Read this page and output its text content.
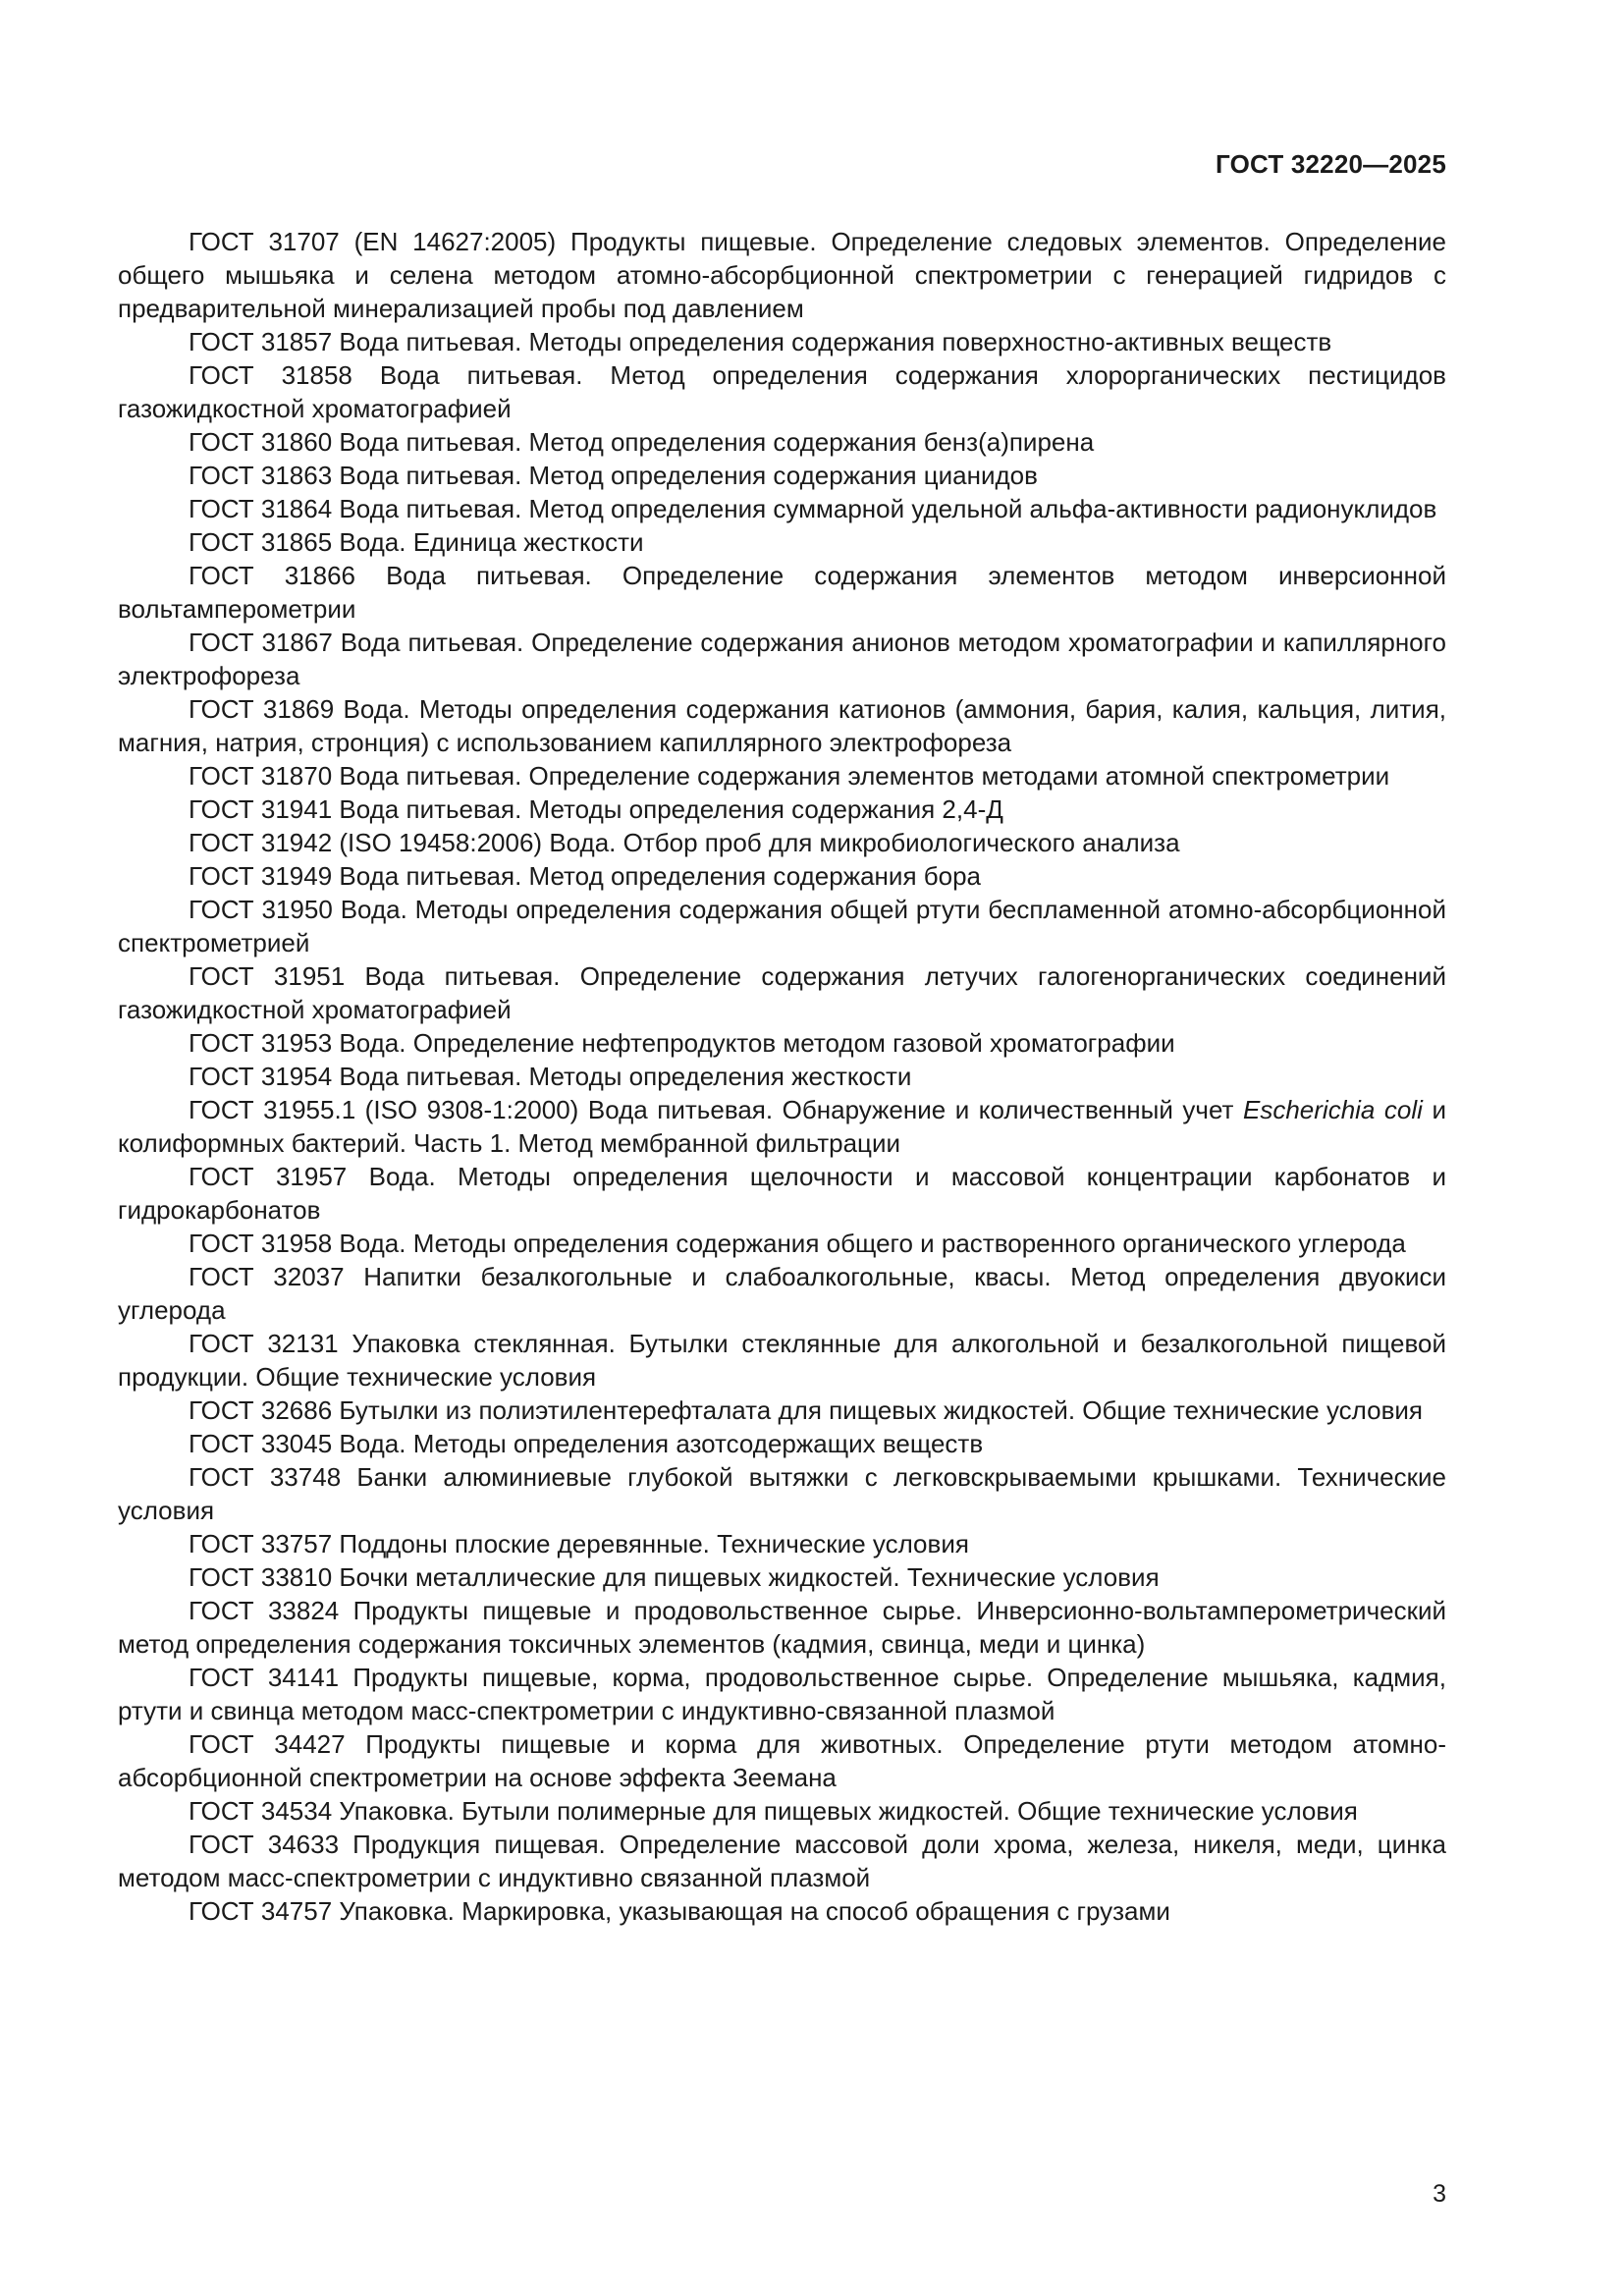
ГОСТ 32220—2025

ГОСТ 31707 (EN 14627:2005) Продукты пищевые. Определение следовых элементов. Определение общего мышьяка и селена методом атомно-абсорбционной спектрометрии с генерацией гидридов с предварительной минерализацией пробы под давлением

ГОСТ 31857 Вода питьевая. Методы определения содержания поверхностно-активных веществ

ГОСТ 31858 Вода питьевая. Метод определения содержания хлорорганических пестицидов газожидкостной хроматографией

ГОСТ 31860 Вода питьевая. Метод определения содержания бенз(а)пирена

ГОСТ 31863 Вода питьевая. Метод определения содержания цианидов

ГОСТ 31864 Вода питьевая. Метод определения суммарной удельной альфа-активности радионуклидов

ГОСТ 31865 Вода. Единица жесткости

ГОСТ 31866 Вода питьевая. Определение содержания элементов методом инверсионной вольтамперометрии

ГОСТ 31867 Вода питьевая. Определение содержания анионов методом хроматографии и капиллярного электрофореза

ГОСТ 31869 Вода. Методы определения содержания катионов (аммония, бария, калия, кальция, лития, магния, натрия, стронция) с использованием капиллярного электрофореза

ГОСТ 31870 Вода питьевая. Определение содержания элементов методами атомной спектрометрии

ГОСТ 31941 Вода питьевая. Методы определения содержания 2,4-Д

ГОСТ 31942 (ISO 19458:2006) Вода. Отбор проб для микробиологического анализа

ГОСТ 31949 Вода питьевая. Метод определения содержания бора

ГОСТ 31950 Вода. Методы определения содержания общей ртути беспламенной атомно-абсорбционной спектрометрией

ГОСТ 31951 Вода питьевая. Определение содержания летучих галогенорганических соединений газожидкостной хроматографией

ГОСТ 31953 Вода. Определение нефтепродуктов методом газовой хроматографии

ГОСТ 31954 Вода питьевая. Методы определения жесткости

ГОСТ 31955.1 (ISO 9308-1:2000) Вода питьевая. Обнаружение и количественный учет Escherichia coli и колиформных бактерий. Часть 1. Метод мембранной фильтрации

ГОСТ 31957 Вода. Методы определения щелочности и массовой концентрации карбонатов и гидрокарбонатов

ГОСТ 31958 Вода. Методы определения содержания общего и растворенного органического углерода

ГОСТ 32037 Напитки безалкогольные и слабоалкогольные, квасы. Метод определения двуокиси углерода

ГОСТ 32131 Упаковка стеклянная. Бутылки стеклянные для алкогольной и безалкогольной пищевой продукции. Общие технические условия

ГОСТ 32686 Бутылки из полиэтилентерефталата для пищевых жидкостей. Общие технические условия

ГОСТ 33045 Вода. Методы определения азотсодержащих веществ

ГОСТ 33748 Банки алюминиевые глубокой вытяжки с легковскрываемыми крышками. Технические условия

ГОСТ 33757 Поддоны плоские деревянные. Технические условия

ГОСТ 33810 Бочки металлические для пищевых жидкостей. Технические условия

ГОСТ 33824 Продукты пищевые и продовольственное сырье. Инверсионно-вольтамперометрический метод определения содержания токсичных элементов (кадмия, свинца, меди и цинка)

ГОСТ 34141 Продукты пищевые, корма, продовольственное сырье. Определение мышьяка, кадмия, ртути и свинца методом масс-спектрометрии с индуктивно-связанной плазмой

ГОСТ 34427 Продукты пищевые и корма для животных. Определение ртути методом атомно-абсорбционной спектрометрии на основе эффекта Зеемана

ГОСТ 34534 Упаковка. Бутыли полимерные для пищевых жидкостей. Общие технические условия

ГОСТ 34633 Продукция пищевая. Определение массовой доли хрома, железа, никеля, меди, цинка методом масс-спектрометрии с индуктивно связанной плазмой

ГОСТ 34757 Упаковка. Маркировка, указывающая на способ обращения с грузами

3
